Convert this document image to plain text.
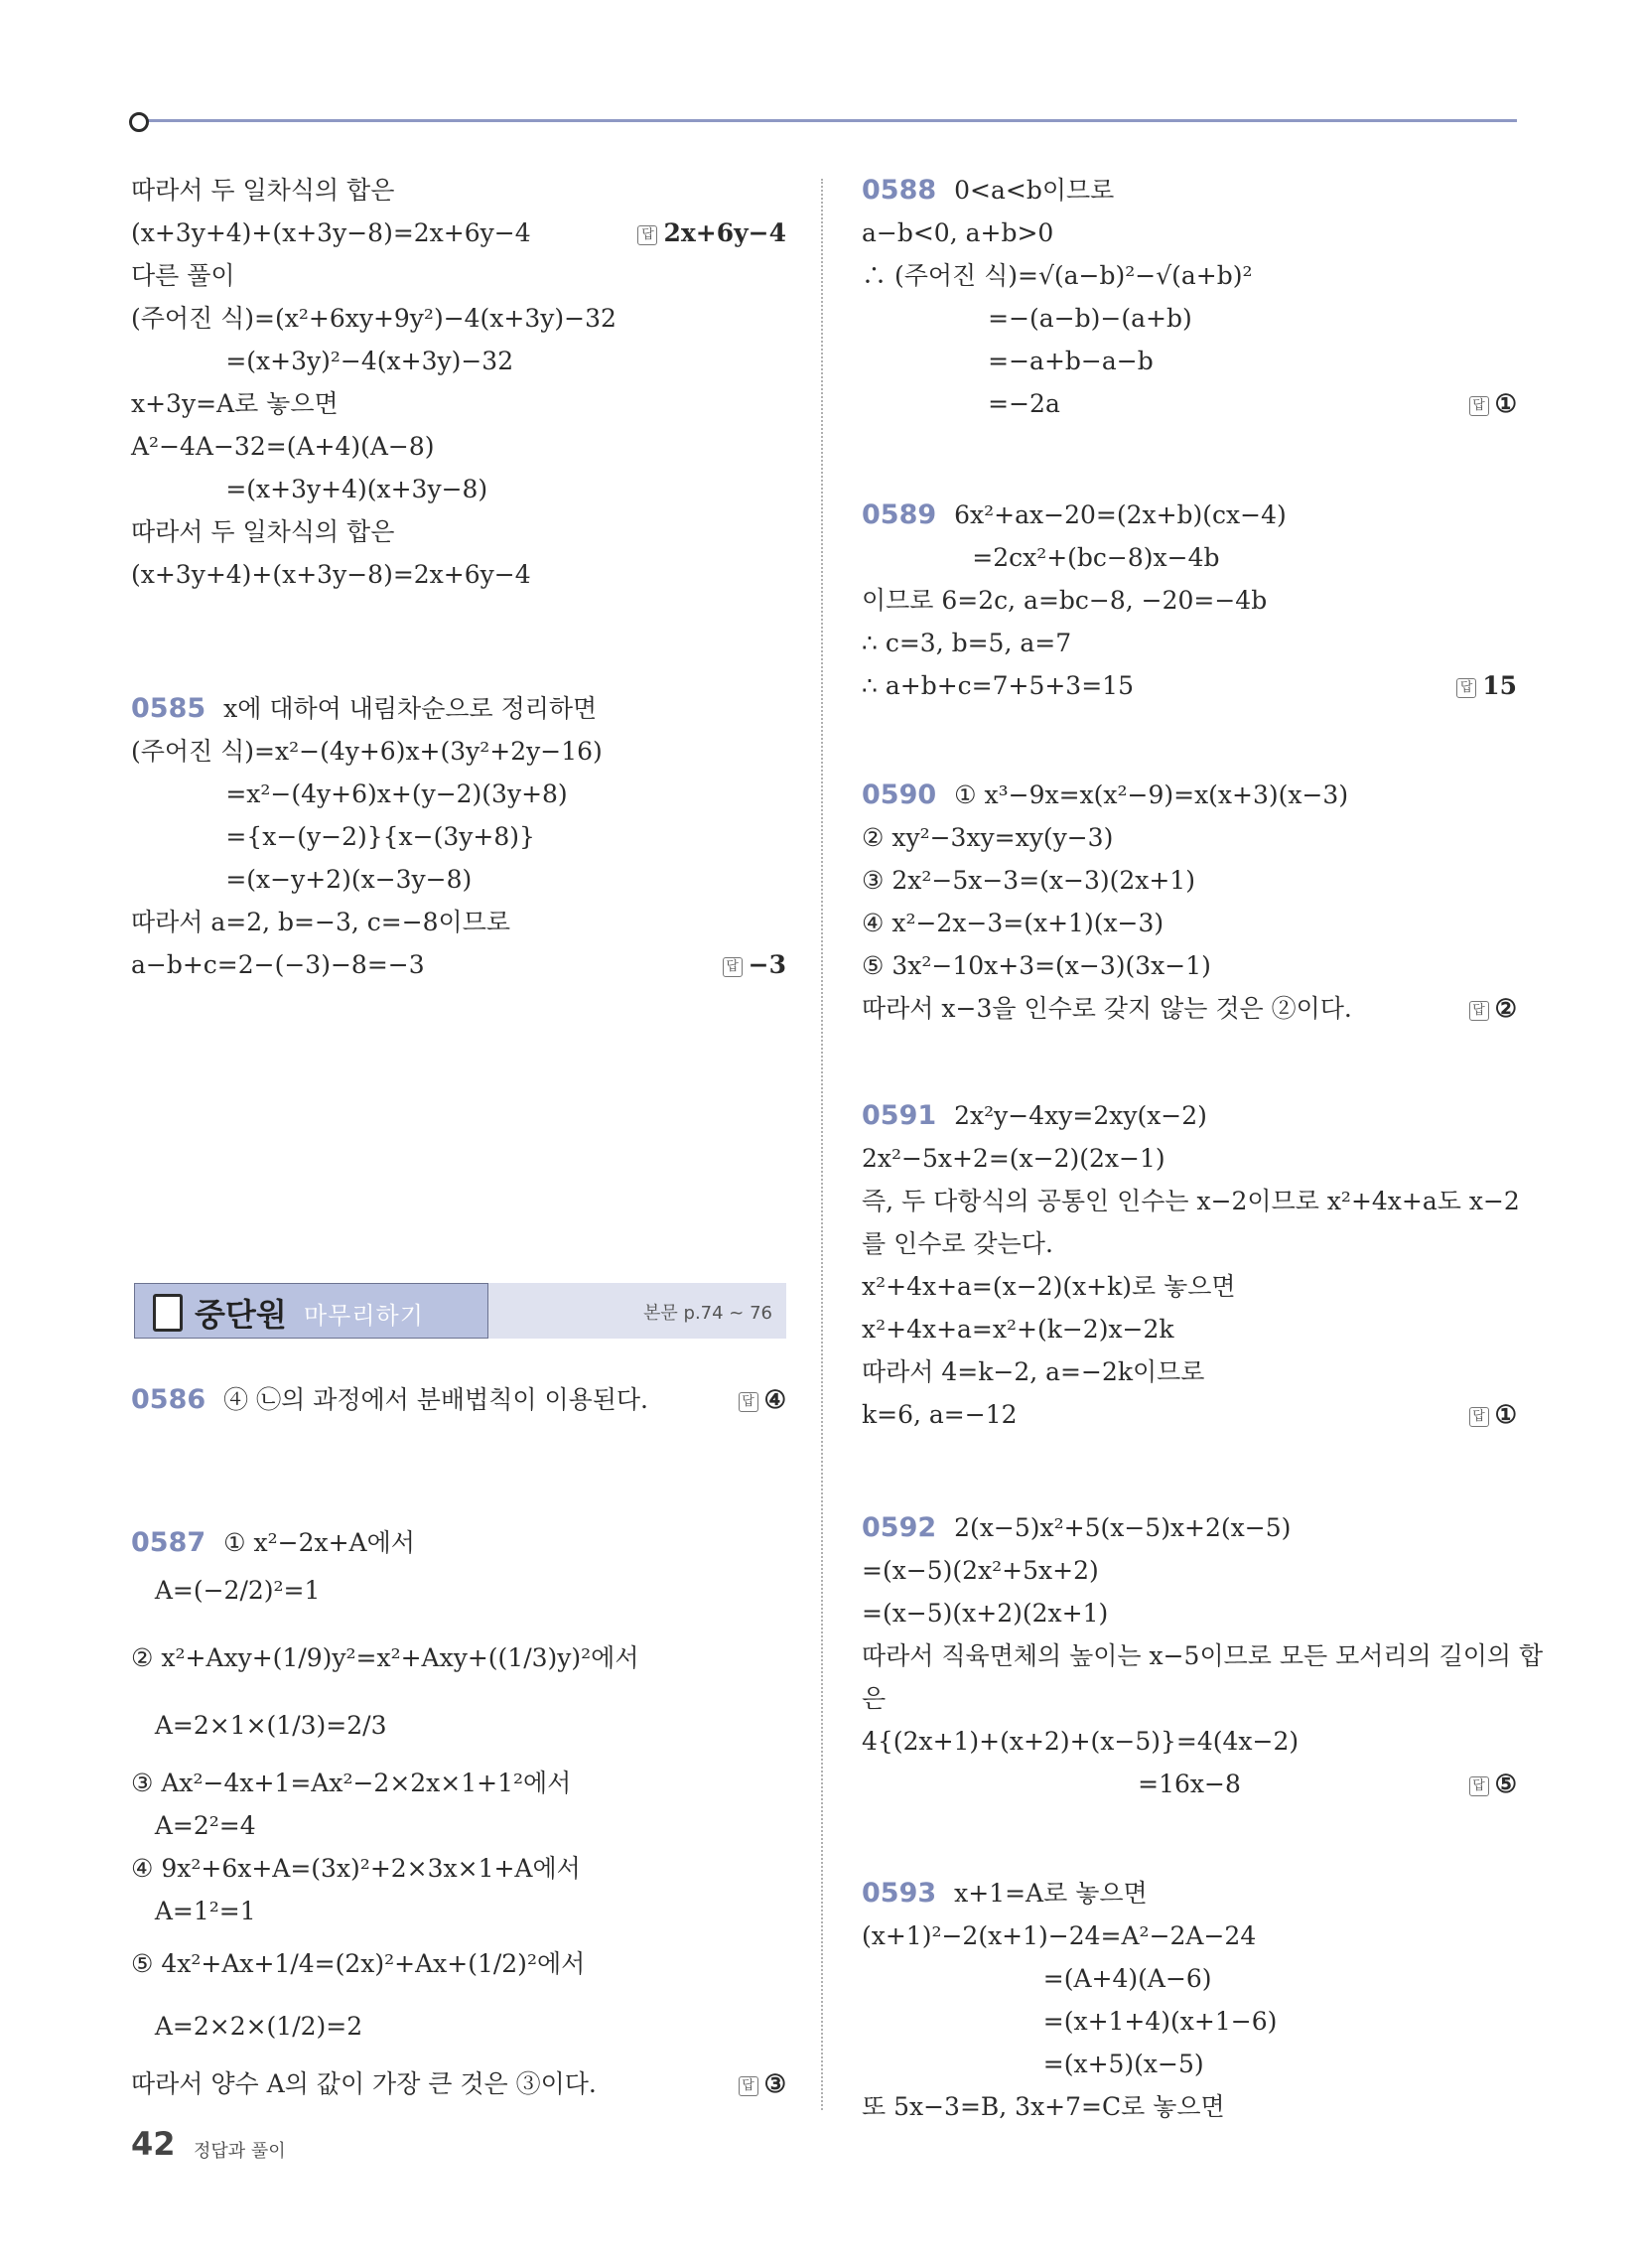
따라서 두 일차식의 합은
(x+3y+4)+(x+3y−8)=2x+6y−4	답 2x+6y−4
다른 풀이
(주어진 식)=(x²+6xy+9y²)−4(x+3y)−32
=(x+3y)²−4(x+3y)−32
x+3y=A로 놓으면
A²−4A−32=(A+4)(A−8)
=(x+3y+4)(x+3y−8)
따라서 두 일차식의 합은
(x+3y+4)+(x+3y−8)=2x+6y−4
0585 x에 대하여 내림차순으로 정리하면
(주어진 식)=x²−(4y+6)x+(3y²+2y−16)
=x²−(4y+6)x+(y−2)(3y+8)
={x−(y−2)}{x−(3y+8)}
=(x−y+2)(x−3y−8)
따라서 a=2, b=−3, c=−8이므로
a−b+c=2−(−3)−8=−3	답 −3
0586 ④ ㉡의 과정에서 분배법칙이 이용된다.	답 ④
0587 ① x²−2x+A에서
A=(−2/2)²=1
② x²+Axy+(1/9)y²=x²+Axy+((1/3)y)²에서
A=2×1×(1/3)=2/3
③ Ax²−4x+1=Ax²−2×2x×1+1²에서
A=2²=4
④ 9x²+6x+A=(3x)²+2×3x×1+A에서
A=1²=1
⑤ 4x²+Ax+1/4=(2x)²+Ax+(1/2)²에서
A=2×2×(1/2)=2
따라서 양수 A의 값이 가장 큰 것은 ③이다.	답 ③
중단원 마무리하기	본문 p.74 ~ 76
0588 0<a<b이므로
a−b<0, a+b>0
∴ (주어진 식)=√(a−b)²−√(a+b)²
=−(a−b)−(a+b)
=−a+b−a−b
=−2a	답 ①
0589 6x²+ax−20=(2x+b)(cx−4)
=2cx²+(bc−8)x−4b
이므로 6=2c, a=bc−8, −20=−4b
∴ c=3, b=5, a=7
∴ a+b+c=7+5+3=15	답 15
0590 ① x³−9x=x(x²−9)=x(x+3)(x−3)
② xy²−3xy=xy(y−3)
③ 2x²−5x−3=(x−3)(2x+1)
④ x²−2x−3=(x+1)(x−3)
⑤ 3x²−10x+3=(x−3)(3x−1)
따라서 x−3을 인수로 갖지 않는 것은 ②이다.	답 ②
0591 2x²y−4xy=2xy(x−2)
2x²−5x+2=(x−2)(2x−1)
즉, 두 다항식의 공통인 인수는 x−2이므로 x²+4x+a도 x−2
를 인수로 갖는다.
x²+4x+a=(x−2)(x+k)로 놓으면
x²+4x+a=x²+(k−2)x−2k
따라서 4=k−2, a=−2k이므로
k=6, a=−12	답 ①
0592 2(x−5)x²+5(x−5)x+2(x−5)
=(x−5)(2x²+5x+2)
=(x−5)(x+2)(2x+1)
따라서 직육면체의 높이는 x−5이므로 모든 모서리의 길이의 합
은
4{(2x+1)+(x+2)+(x−5)}=4(4x−2)
=16x−8	답 ⑤
0593 x+1=A로 놓으면
(x+1)²−2(x+1)−24=A²−2A−24
=(A+4)(A−6)
=(x+1+4)(x+1−6)
=(x+5)(x−5)
또 5x−3=B, 3x+7=C로 놓으면
42 정답과 풀이
